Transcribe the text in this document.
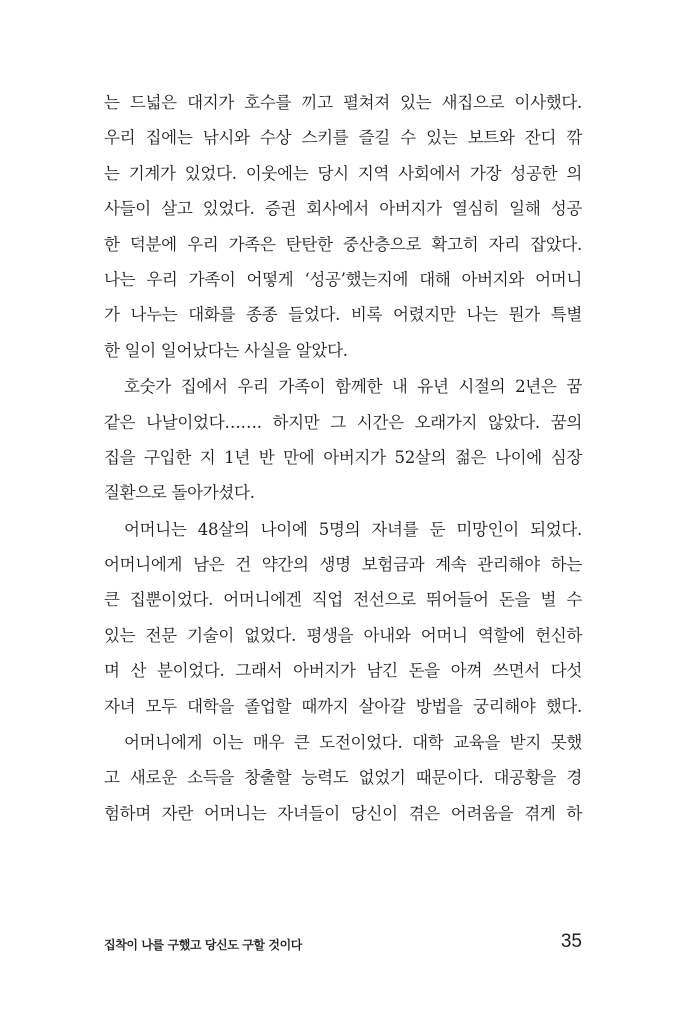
는 드넓은 대지가 호수를 끼고 펼쳐져 있는 새집으로 이사했다.
우리 집에는 낚시와 수상 스키를 즐길 수 있는 보트와 잔디 깎
는 기계가 있었다. 이웃에는 당시 지역 사회에서 가장 성공한 의
사들이 살고 있었다. 증권 회사에서 아버지가 열심히 일해 성공
한 덕분에 우리 가족은 탄탄한 중산층으로 확고히 자리 잡았다.
나는 우리 가족이 어떻게 ‘성공’했는지에 대해 아버지와 어머니
가 나누는 대화를 종종 들었다. 비록 어렸지만 나는 뭔가 특별
한 일이 일어났다는 사실을 알았다.
호숫가 집에서 우리 가족이 함께한 내 유년 시절의 2년은 꿈
같은 나날이었다……. 하지만 그 시간은 오래가지 않았다. 꿈의
집을 구입한 지 1년 반 만에 아버지가 52살의 젊은 나이에 심장
질환으로 돌아가셨다.
어머니는 48살의 나이에 5명의 자녀를 둔 미망인이 되었다.
어머니에게 남은 건 약간의 생명 보험금과 계속 관리해야 하는
큰 집뿐이었다. 어머니에겐 직업 전선으로 뛰어들어 돈을 벌 수
있는 전문 기술이 없었다. 평생을 아내와 어머니 역할에 헌신하
며 산 분이었다. 그래서 아버지가 남긴 돈을 아껴 쓰면서 다섯
자녀 모두 대학을 졸업할 때까지 살아갈 방법을 궁리해야 했다.
어머니에게 이는 매우 큰 도전이었다. 대학 교육을 받지 못했
고 새로운 소득을 창출할 능력도 없었기 때문이다. 대공황을 경
험하며 자란 어머니는 자녀들이 당신이 겪은 어려움을 겪게 하
집착이 나를 구했고 당신도 구할 것이다	35
